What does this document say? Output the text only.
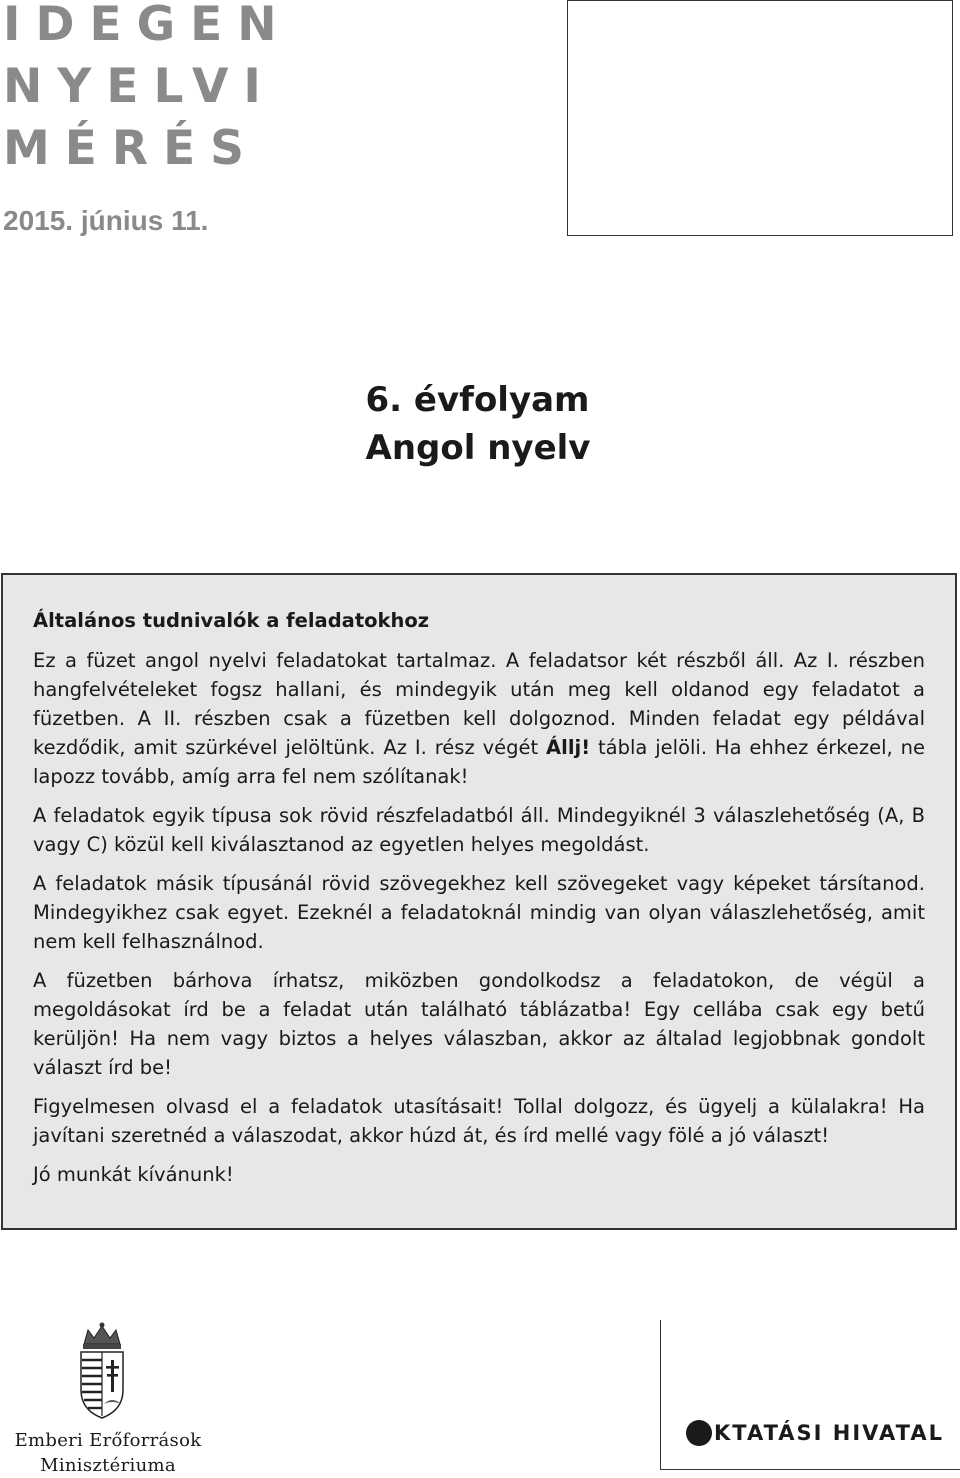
IDEGEN
NYELVI
MÉRÉS
2015. június 11.
6. évfolyam
Angol nyelv
Általános tudnivalók a feladatokhoz

Ez a füzet angol nyelvi feladatokat tartalmaz. A feladatsor két részből áll. Az I. részben hangfelvételeket fogsz hallani, és mindegyik után meg kell oldanod egy feladatot a füzetben. A II. részben csak a füzetben kell dolgoznod. Minden feladat egy példával kezdődik, amit szürkével jelöltünk. Az I. rész végét Állj! tábla jelöli. Ha ehhez érkezel, ne lapozz tovább, amíg arra fel nem szólítanak!

A feladatok egyik típusa sok rövid részfeladatból áll. Mindegyiknél 3 válaszlehetőség (A, B vagy C) közül kell kiválasztanod az egyetlen helyes megoldást.

A feladatok másik típusánál rövid szövegekhez kell szövegeket vagy képeket társítanod. Mindegyikhez csak egyet. Ezeknél a feladatoknál mindig van olyan válaszlehetőség, amit nem kell felhasználnod.

A füzetben bárhova írhatsz, miközben gondolkodsz a feladatokon, de végül a megoldásokat írd be a feladat után található táblázatba! Egy cellába csak egy betű kerüljön! Ha nem vagy biztos a helyes válaszban, akkor az általad legjobbnak gondolt választ írd be!

Figyelmesen olvasd el a feladatok utasításait! Tollal dolgozz, és ügyelj a külalakra! Ha javítani szeretnéd a válaszodat, akkor húzd át, és írd mellé vagy fölé a jó választ!

Jó munkát kívánunk!

Emberi Erőforrások
Minisztériuma
KTATÁSI HIVATAL
